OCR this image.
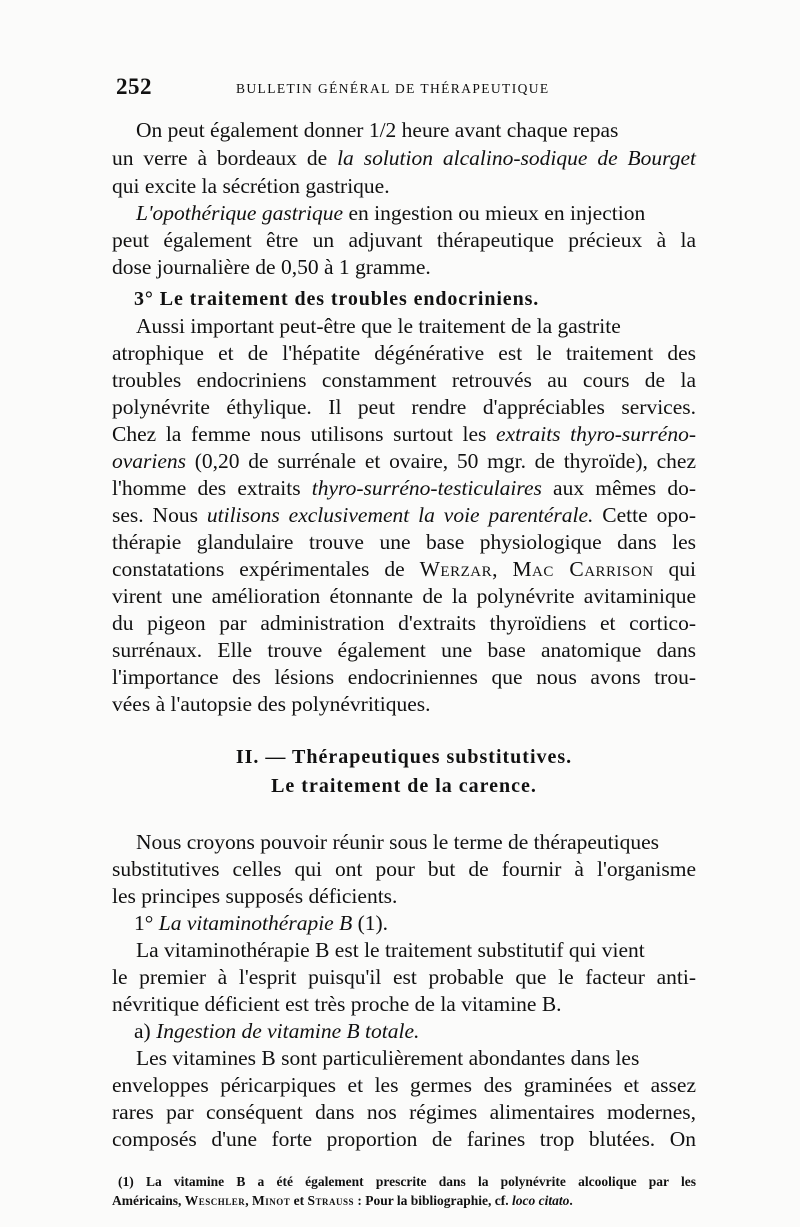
252	BULLETIN GÉNÉRAL DE THÉRAPEUTIQUE
On peut également donner 1/2 heure avant chaque repas
un verre à bordeaux de la solution alcalino-sodique de Bourget
qui excite la sécrétion gastrique.
L'opothérique gastrique en ingestion ou mieux en injection
peut également être un adjuvant thérapeutique précieux à la
dose journalière de 0,50 à 1 gramme.
3° Le traitement des troubles endocriniens.
Aussi important peut-être que le traitement de la gastrite
atrophique et de l'hépatite dégénérative est le traitement des
troubles endocriniens constamment retrouvés au cours de la
polynévrite éthylique. Il peut rendre d'appréciables services.
Chez la femme nous utilisons surtout les extraits thyro-surréno-
ovariens (0,20 de surrénale et ovaire, 50 mgr. de thyroïde), chez
l'homme des extraits thyro-surréno-testiculaires aux mêmes do-
ses. Nous utilisons exclusivement la voie parentérale. Cette opo-
thérapie glandulaire trouve une base physiologique dans les
constatations expérimentales de Werzar, Mac Carrison qui
virent une amélioration étonnante de la polynévrite avitaminique
du pigeon par administration d'extraits thyroïdiens et cortico-
surrénaux. Elle trouve également une base anatomique dans
l'importance des lésions endocriniennes que nous avons trou-
vées à l'autopsie des polynévritiques.
II. — Thérapeutiques substitutives.
Le traitement de la carence.
Nous croyons pouvoir réunir sous le terme de thérapeutiques
substitutives celles qui ont pour but de fournir à l'organisme
les principes supposés déficients.
1° La vitaminothérapie B (1).
La vitaminothérapie B est le traitement substitutif qui vient
le premier à l'esprit puisqu'il est probable que le facteur anti-
névritique déficient est très proche de la vitamine B.
a) Ingestion de vitamine B totale.
Les vitamines B sont particulièrement abondantes dans les
enveloppes péricarpiques et les germes des graminées et assez
rares par conséquent dans nos régimes alimentaires modernes,
composés d'une forte proportion de farines trop blutées. On
(1) La vitamine B a été également prescrite dans la polynévrite alcoolique par les
Américains, Weschler, Minot et Strauss : Pour la bibliographie, cf. loco citato.
